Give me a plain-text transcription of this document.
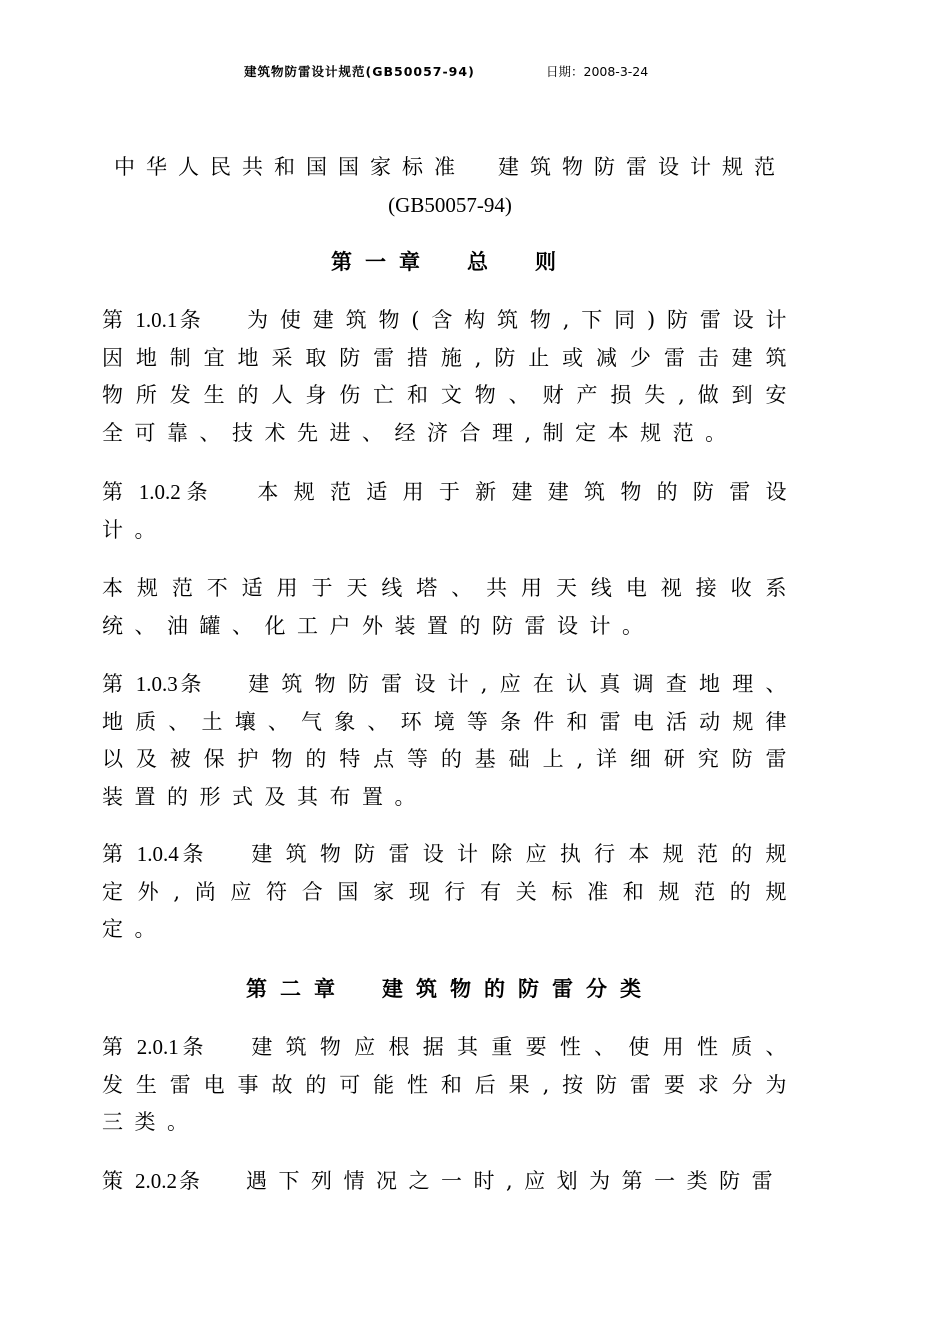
建筑物防雷设计规范(GB50057-94)	日期：2008-3-24
中华人民共和国国家标准　建筑物防雷设计规范
(GB50057-94)
第一章　总　则
第 1.0.1条 为使建筑物(含构筑物,下同)防雷设计因地制宜地采取防雷措施,防止或减少雷击建筑物所发生的人身伤亡和文物、财产损失,做到安全可靠、技术先进、经济合理,制定本规范。
第 1.0.2条 本规范适用于新建建筑物的防雷设计。
本规范不适用于天线塔、共用天线电视接收系统、油罐、化工户外装置的防雷设计。
第 1.0.3条 建筑物防雷设计,应在认真调查地理、地质、土壤、气象、环境等条件和雷电活动规律以及被保护物的特点等的基础上,详细研究防雷装置的形式及其布置。
第 1.0.4条 建筑物防雷设计除应执行本规范的规定外,尚应符合国家现行有关标准和规范的规定。
第二章　建筑物的防雷分类
第 2.0.1条 建筑物应根据其重要性、使用性质、发生雷电事故的可能性和后果,按防雷要求分为三类。
策 2.0.2条 遇下列情况之一时,应划为第一类防雷
